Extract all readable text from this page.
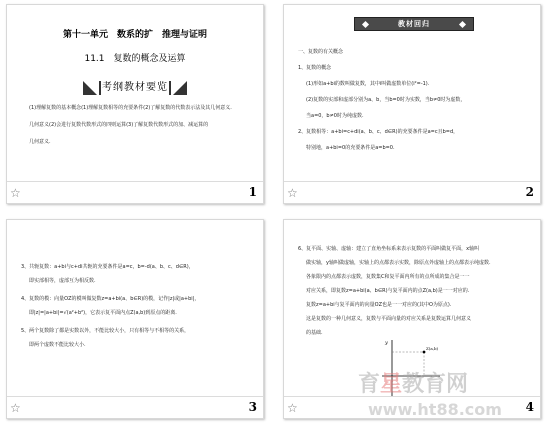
第十一单元　数系的扩　推理与证明
11.1　复数的概念及运算
考纲教材要览
(1)理解复数的基本概念(1)理解复数相等的充要条件(2)了解复数的代数表示法及其几何意义.
几何意义(2)会进行复数代数形式的四则运算(3)了解复数代数形式的加、减运算的
几何意义.
☆	1
教材回归
一、复数的有关概念
1、复数的概念
(1)形如a+bi的数叫做复数，其中i叫做虚数单位(i²=-1).
(2)复数的实部和虚部分别为a、b，当b=0时为实数，当b≠0时为虚数，
当a=0，b≠0时为纯虚数.
2、复数相等：a+bi=c+di(a、b、c、d∈R)的充要条件是a=c且b=d，
特别地，a+bi=0的充要条件是a=b=0.
☆	2
3、共轭复数：a+bi与c+di共轭的充要条件是a=c，b=-d(a、b、c、d∈R)，
即实部相等，虚部互为相反数.
4、复数的模：向量OZ的模叫做复数z=a+bi(a、b∈R)的模，记作|z|或|a+bi|，
即|z|=|a+bi|=√(a²+b²)，它表示复平面内点Z(a,b)到原点的距离.
5、两个复数除了都是实数以外，不能比较大小，只有相等与不相等的关系，
即两个虚数不能比较大小.
☆	3
6、复平面、实轴、虚轴：建立了直角坐标系来表示复数的平面叫做复平面，x轴叫
做实轴，y轴叫做虚轴，实轴上的点都表示实数，除原点外虚轴上的点都表示纯虚数.
各象限内的点都表示虚数，复数集C和复平面内所有的点所成的集合是一一
对应关系，即复数z=a+bi(a、b∈R)与复平面内的点Z(a,b)是一一对应的.
复数z=a+bi与复平面内的向量OZ也是一一对应的(其中O为原点).
这是复数的一种几何意义，复数与平面向量的对应关系是复数运算几何意义
的基础.
y
Z(a,b)
☆	4
育星教育网
www.ht88.com
